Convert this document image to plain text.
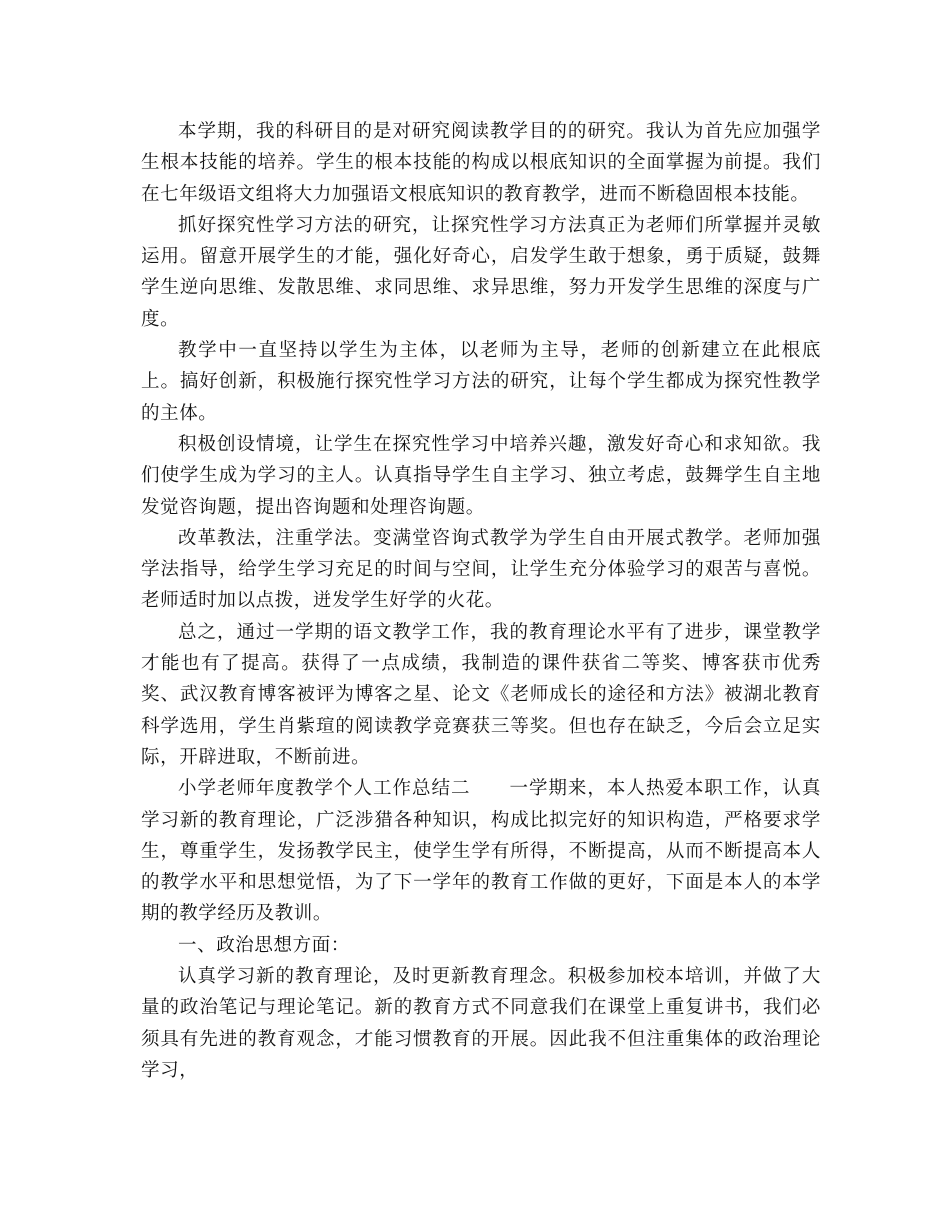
本学期，我的科研目的是对研究阅读教学目的的研究。我认为首先应加强学生根本技能的培养。学生的根本技能的构成以根底知识的全面掌握为前提。我们在七年级语文组将大力加强语文根底知识的教育教学，进而不断稳固根本技能。

抓好探究性学习方法的研究，让探究性学习方法真正为老师们所掌握并灵敏运用。留意开展学生的才能，强化好奇心，启发学生敢于想象，勇于质疑，鼓舞学生逆向思维、发散思维、求同思维、求异思维，努力开发学生思维的深度与广度。

教学中一直坚持以学生为主体，以老师为主导，老师的创新建立在此根底上。搞好创新，积极施行探究性学习方法的研究，让每个学生都成为探究性教学的主体。

积极创设情境，让学生在探究性学习中培养兴趣，激发好奇心和求知欲。我们使学生成为学习的主人。认真指导学生自主学习、独立考虑，鼓舞学生自主地发觉咨询题，提出咨询题和处理咨询题。

改革教法，注重学法。变满堂咨询式教学为学生自由开展式教学。老师加强学法指导，给学生学习充足的时间与空间，让学生充分体验学习的艰苦与喜悦。老师适时加以点拨，迸发学生好学的火花。

总之，通过一学期的语文教学工作，我的教育理论水平有了进步，课堂教学才能也有了提高。获得了一点成绩，我制造的课件获省二等奖、博客获市优秀奖、武汉教育博客被评为博客之星、论文《老师成长的途径和方法》被湖北教育科学选用，学生肖紫瑄的阅读教学竞赛获三等奖。但也存在缺乏，今后会立足实际，开辟进取，不断前进。

小学老师年度教学个人工作总结二　　一学期来，本人热爱本职工作，认真学习新的教育理论，广泛涉猎各种知识，构成比拟完好的知识构造，严格要求学生，尊重学生，发扬教学民主，使学生学有所得，不断提高，从而不断提高本人的教学水平和思想觉悟，为了下一学年的教育工作做的更好，下面是本人的本学期的教学经历及教训。

一、政治思想方面：

认真学习新的教育理论，及时更新教育理念。积极参加校本培训，并做了大量的政治笔记与理论笔记。新的教育方式不同意我们在课堂上重复讲书，我们必须具有先进的教育观念，才能习惯教育的开展。因此我不但注重集体的政治理论学习，
